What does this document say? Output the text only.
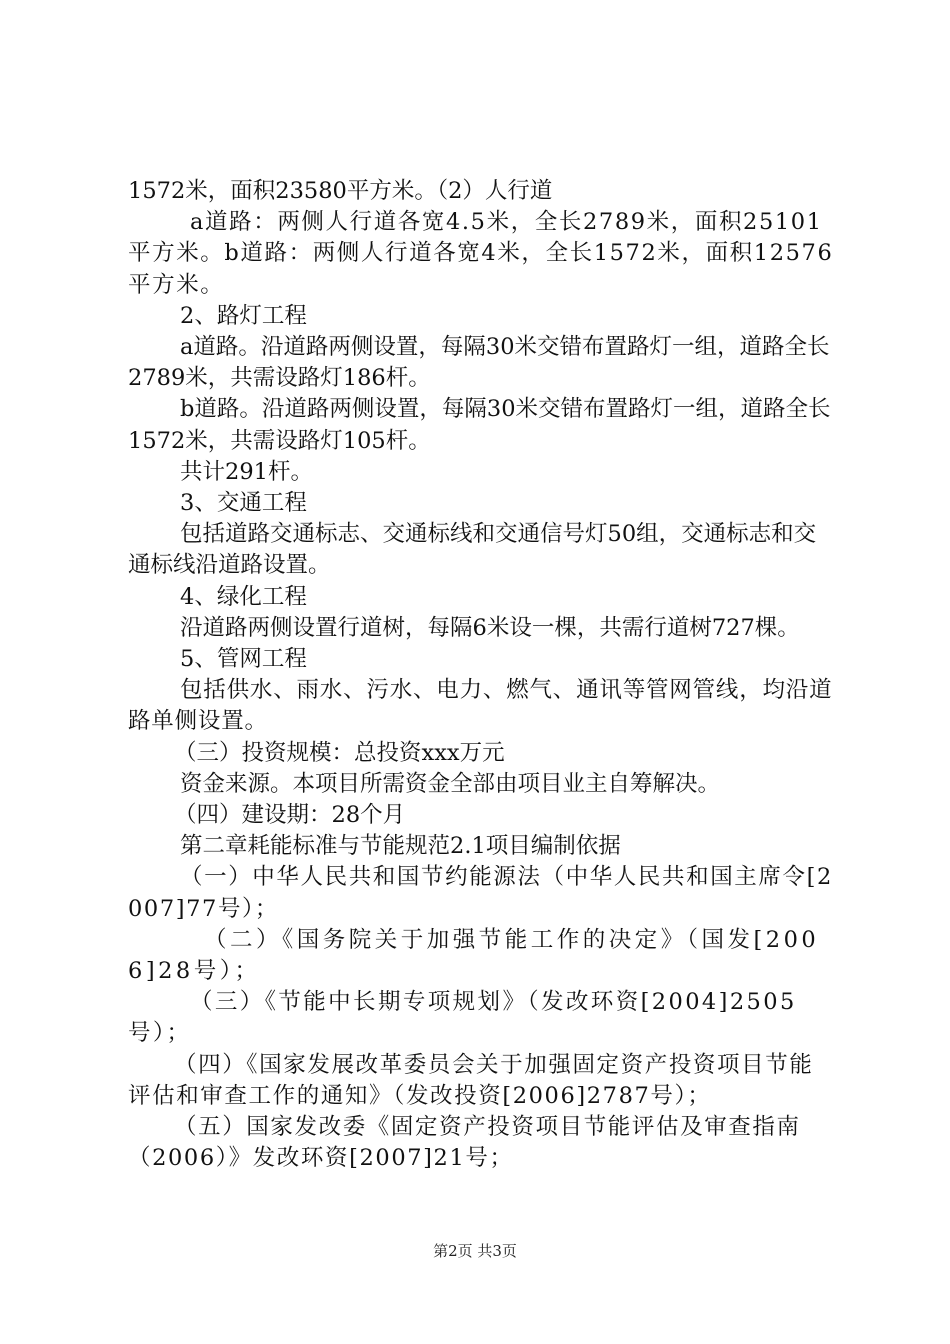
1572米，面积23580平方米。（2）人行道

a道路：两侧人行道各宽4.5米，全长2789米，面积25101平方米。b道路：两侧人行道各宽4米，全长1572米，面积12576平方米。

2、路灯工程

a道路。沿道路两侧设置，每隔30米交错布置路灯一组，道路全长2789米，共需设路灯186杆。

b道路。沿道路两侧设置，每隔30米交错布置路灯一组，道路全长1572米，共需设路灯105杆。

共计291杆。

3、交通工程

包括道路交通标志、交通标线和交通信号灯50组，交通标志和交通标线沿道路设置。

4、绿化工程

沿道路两侧设置行道树，每隔6米设一棵，共需行道树727棵。

5、管网工程

包括供水、雨水、污水、电力、燃气、通讯等管网管线，均沿道路单侧设置。

（三）投资规模：总投资xxx万元

资金来源。本项目所需资金全部由项目业主自筹解决。

（四）建设期：28个月

第二章耗能标准与节能规范2.1项目编制依据

（一）中华人民共和国节约能源法（中华人民共和国主席令[2007]77号）；

（二）《国务院关于加强节能工作的决定》（国发[2006]28号）；

（三）《节能中长期专项规划》（发改环资[2004]2505号）；

（四）《国家发展改革委员会关于加强固定资产投资项目节能评估和审查工作的通知》（发改投资[2006]2787号）；

（五）国家发改委《固定资产投资项目节能评估及审查指南（2006）》发改环资[2007]21号；

第2页 共3页
